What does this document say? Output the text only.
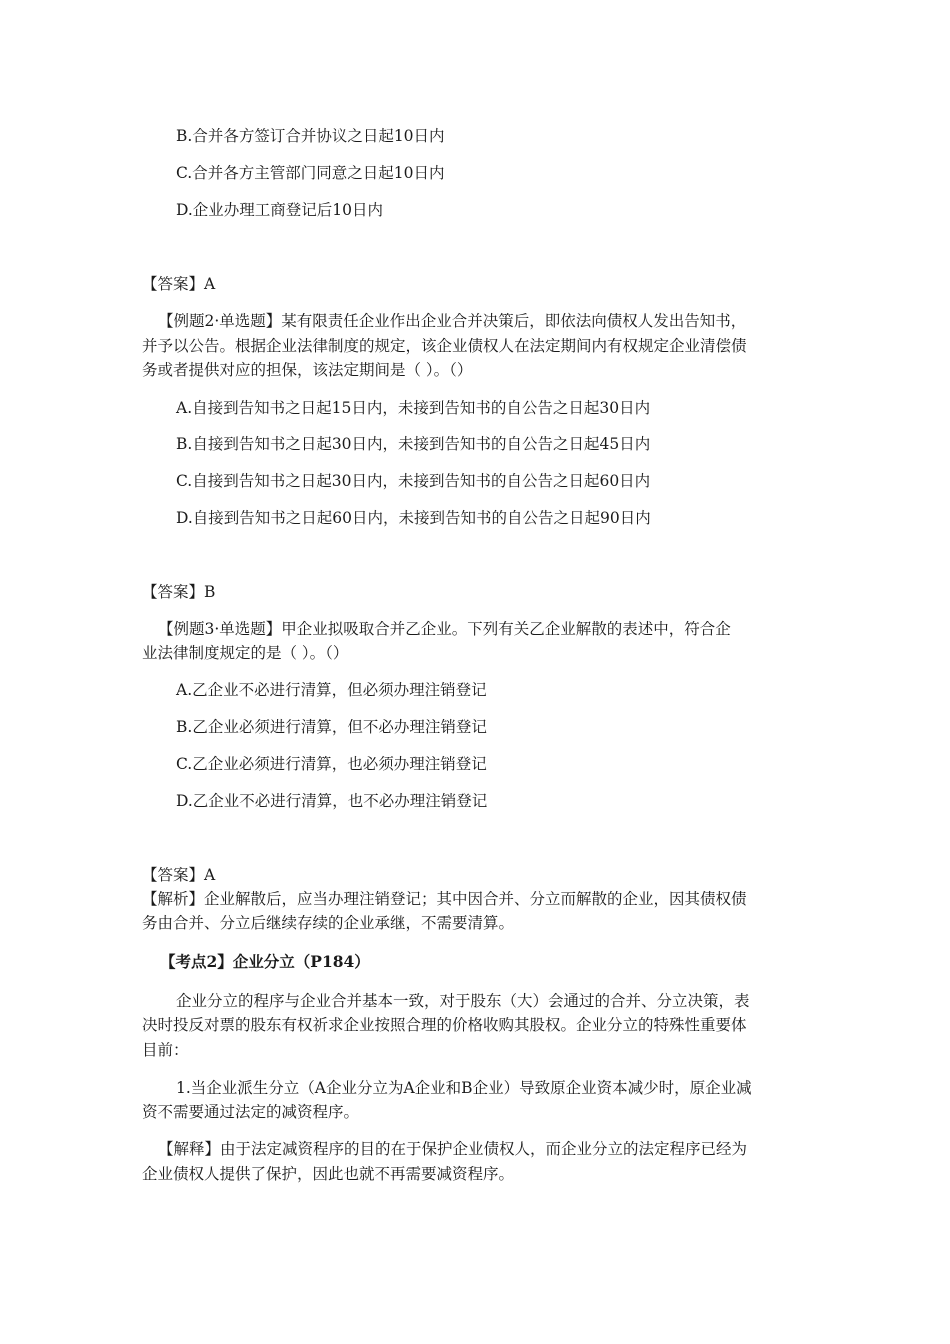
B.合并各方签订合并协议之日起10日内
C.合并各方主管部门同意之日起10日内
D.企业办理工商登记后10日内
【答案】A
【例题2·单选题】某有限责任企业作出企业合并决策后，即依法向债权人发出告知书，
并予以公告。根据企业法律制度的规定，该企业债权人在法定期间内有权规定企业清偿债
务或者提供对应的担保，该法定期间是（ ）。（）
A.自接到告知书之日起15日内，未接到告知书的自公告之日起30日内
B.自接到告知书之日起30日内，未接到告知书的自公告之日起45日内
C.自接到告知书之日起30日内，未接到告知书的自公告之日起60日内
D.自接到告知书之日起60日内，未接到告知书的自公告之日起90日内
【答案】B
【例题3·单选题】甲企业拟吸取合并乙企业。下列有关乙企业解散的表述中，符合企
业法律制度规定的是（ ）。（）
A.乙企业不必进行清算，但必须办理注销登记
B.乙企业必须进行清算，但不必办理注销登记
C.乙企业必须进行清算，也必须办理注销登记
D.乙企业不必进行清算，也不必办理注销登记
【答案】A
【解析】企业解散后，应当办理注销登记；其中因合并、分立而解散的企业，因其债权债
务由合并、分立后继续存续的企业承继，不需要清算。
【考点2】企业分立（P184）
企业分立的程序与企业合并基本一致，对于股东（大）会通过的合并、分立决策，表
决时投反对票的股东有权祈求企业按照合理的价格收购其股权。企业分立的特殊性重要体
目前：
1.当企业派生分立（A企业分立为A企业和B企业）导致原企业资本减少时，原企业减
资不需要通过法定的减资程序。
【解释】由于法定减资程序的目的在于保护企业债权人，而企业分立的法定程序已经为
企业债权人提供了保护，因此也就不再需要减资程序。
